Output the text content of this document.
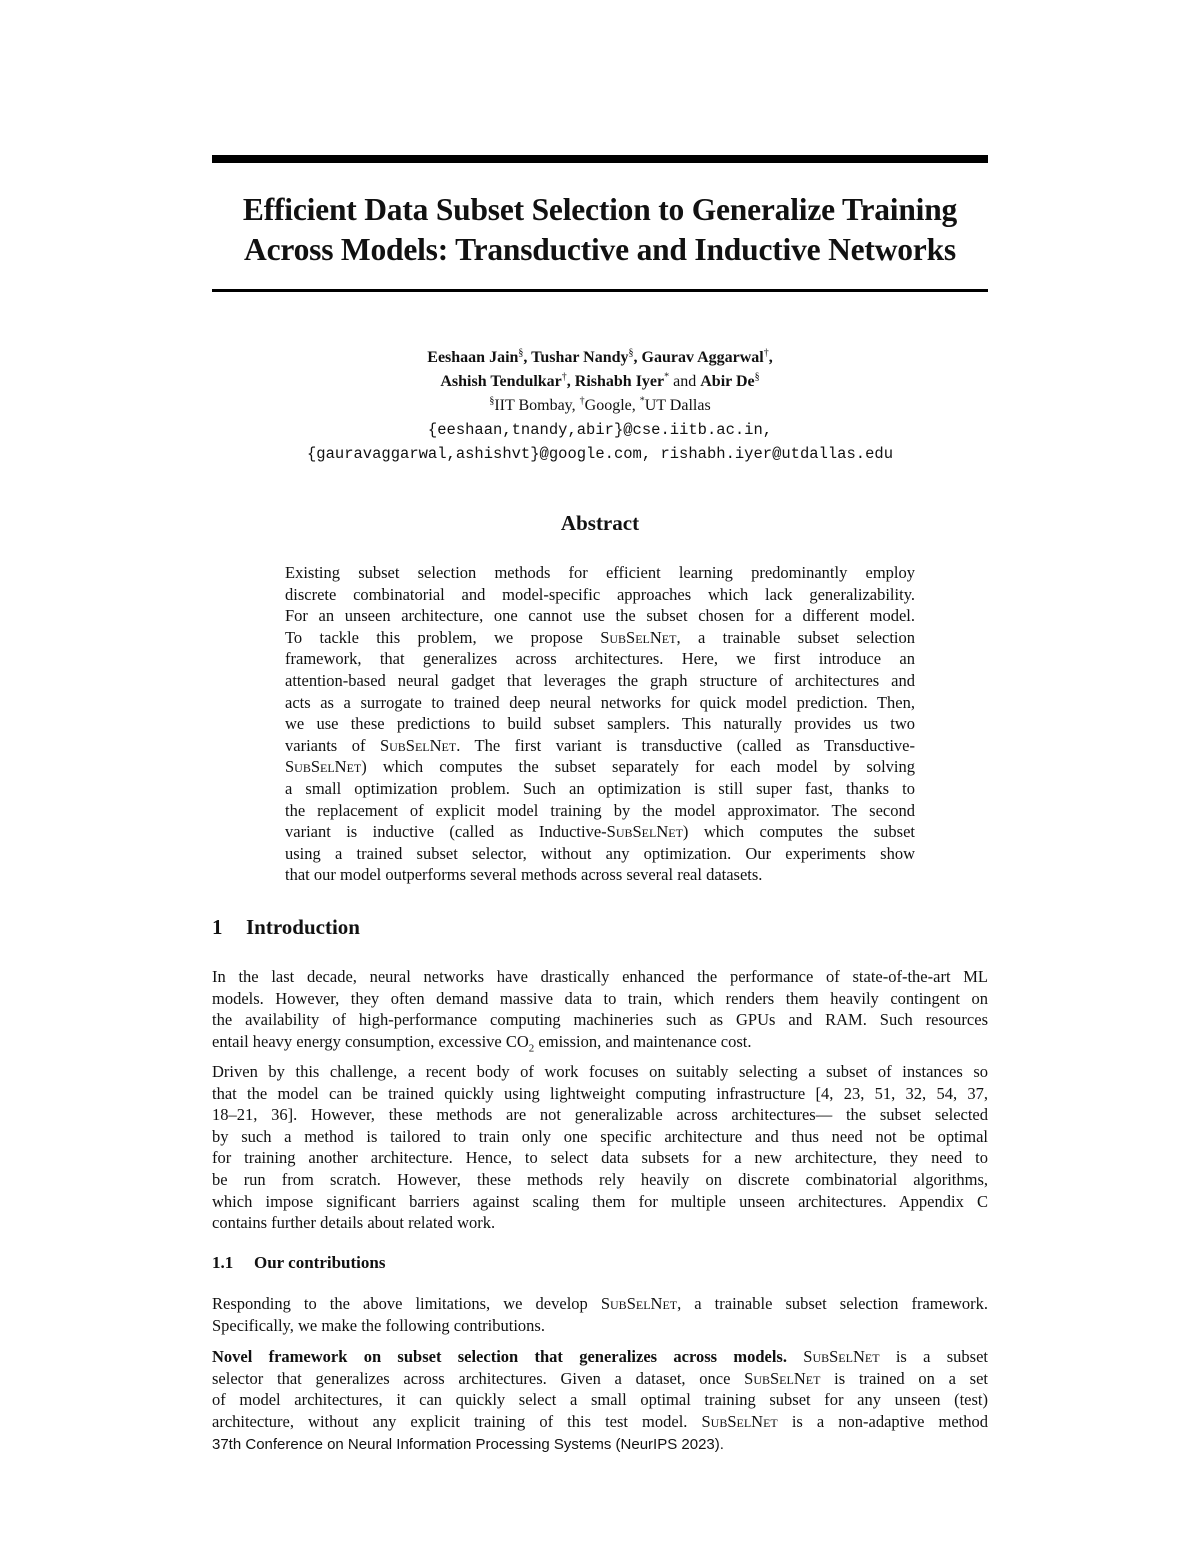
Efficient Data Subset Selection to Generalize Training
Across Models: Transductive and Inductive Networks
Eeshaan Jain§, Tushar Nandy§, Gaurav Aggarwal†,
Ashish Tendulkar†, Rishabh Iyer* and Abir De§
§IIT Bombay, †Google, *UT Dallas
{eeshaan,tnandy,abir}@cse.iitb.ac.in,
{gauravaggarwal,ashishvt}@google.com, rishabh.iyer@utdallas.edu
Abstract
Existing subset selection methods for efficient learning predominantly employ
discrete combinatorial and model-specific approaches which lack generalizability.
For an unseen architecture, one cannot use the subset chosen for a different model.
To tackle this problem, we propose SubSelNet, a trainable subset selection
framework, that generalizes across architectures. Here, we first introduce an
attention-based neural gadget that leverages the graph structure of architectures and
acts as a surrogate to trained deep neural networks for quick model prediction. Then,
we use these predictions to build subset samplers. This naturally provides us two
variants of SubSelNet. The first variant is transductive (called as Transductive-
SubSelNet) which computes the subset separately for each model by solving
a small optimization problem. Such an optimization is still super fast, thanks to
the replacement of explicit model training by the model approximator. The second
variant is inductive (called as Inductive-SubSelNet) which computes the subset
using a trained subset selector, without any optimization. Our experiments show
that our model outperforms several methods across several real datasets.
1 Introduction
In the last decade, neural networks have drastically enhanced the performance of state-of-the-art ML
models. However, they often demand massive data to train, which renders them heavily contingent on
the availability of high-performance computing machineries such as GPUs and RAM. Such resources
entail heavy energy consumption, excessive $CO_2$ emission, and maintenance cost.
Driven by this challenge, a recent body of work focuses on suitably selecting a subset of instances so
that the model can be trained quickly using lightweight computing infrastructure [4, 23, 51, 32, 54, 37,
18–21, 36]. However, these methods are not generalizable across architectures— the subset selected
by such a method is tailored to train only one specific architecture and thus need not be optimal
for training another architecture. Hence, to select data subsets for a new architecture, they need to
be run from scratch. However, these methods rely heavily on discrete combinatorial algorithms,
which impose significant barriers against scaling them for multiple unseen architectures. Appendix C
contains further details about related work.
1.1 Our contributions
Responding to the above limitations, we develop SubSelNet, a trainable subset selection framework.
Specifically, we make the following contributions.
Novel framework on subset selection that generalizes across models. SubSelNet is a subset
selector that generalizes across architectures. Given a dataset, once SubSelNet is trained on a set
of model architectures, it can quickly select a small optimal training subset for any unseen (test)
architecture, without any explicit training of this test model. SubSelNet is a non-adaptive method

37th Conference on Neural Information Processing Systems (NeurIPS 2023).
